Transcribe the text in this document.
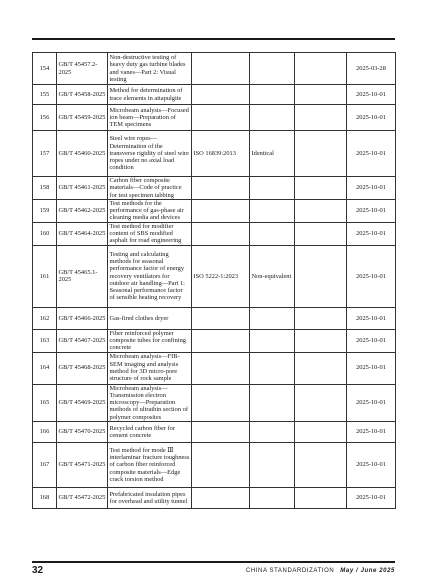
154	GB/T 45457.2-2025	Non-destructive testing of heavy duty gas turbine blades and vanes—Part 2: Visual testing				2025-03-28
155	GB/T 45458-2025	Method for determination of trace elements in attapulgite				2025-10-01
156	GB/T 45459-2025	Microbeam analysis—Focused ion beam—Preparation of TEM specimens				2025-10-01
157	GB/T 45460-2025	Steel wire ropes—Determination of the transverse rigidity of steel wire ropes under no axial load condition	ISO 16839:2013	Identical		2025-10-01
158	GB/T 45461-2025	Carbon fiber composite materials—Code of practice for test specimen tabbing				2025-10-01
159	GB/T 45462-2025	Test methods for the performance of gas-phase air cleaning media and devices				2025-10-01
160	GB/T 45464-2025	Test method for modifier content of SBS modified asphalt for road engineering				2025-10-01
161	GB/T 45465.1-2025	Testing and calculating methods for seasonal performance factor of energy recovery ventilators for outdoor air handling—Part 1: Seasonal performance factor of sensible heating recovery	ISO 5222-1:2023	Non-equivalent		2025-10-01
162	GB/T 45466-2025	Gas-fired clothes dryer				2025-10-01
163	GB/T 45467-2025	Fiber reinforced polymer composite tubes for confining concrete				2025-10-01
164	GB/T 45468-2025	Microbeam analysis—FIB-SEM imaging and analysis method for 3D micro-pore structure of rock sample				2025-10-01
165	GB/T 45469-2025	Microbeam analysis—Transmission electron microscopy—Preparation methods of ultrathin section of polymer composites				2025-10-01
166	GB/T 45470-2025	Recycled carbon fiber for cement concrete				2025-10-01
167	GB/T 45471-2025	Test method for mode Ⅲ interlaminar fracture toughness of carbon fiber reinforced composite materials—Edge crack torsion method				2025-10-01
168	GB/T 45472-2025	Prefabricated insulation pipes for overhead and utility tunnel				2025-10-01
32	CHINA STANDARDIZATION May / June 2025
